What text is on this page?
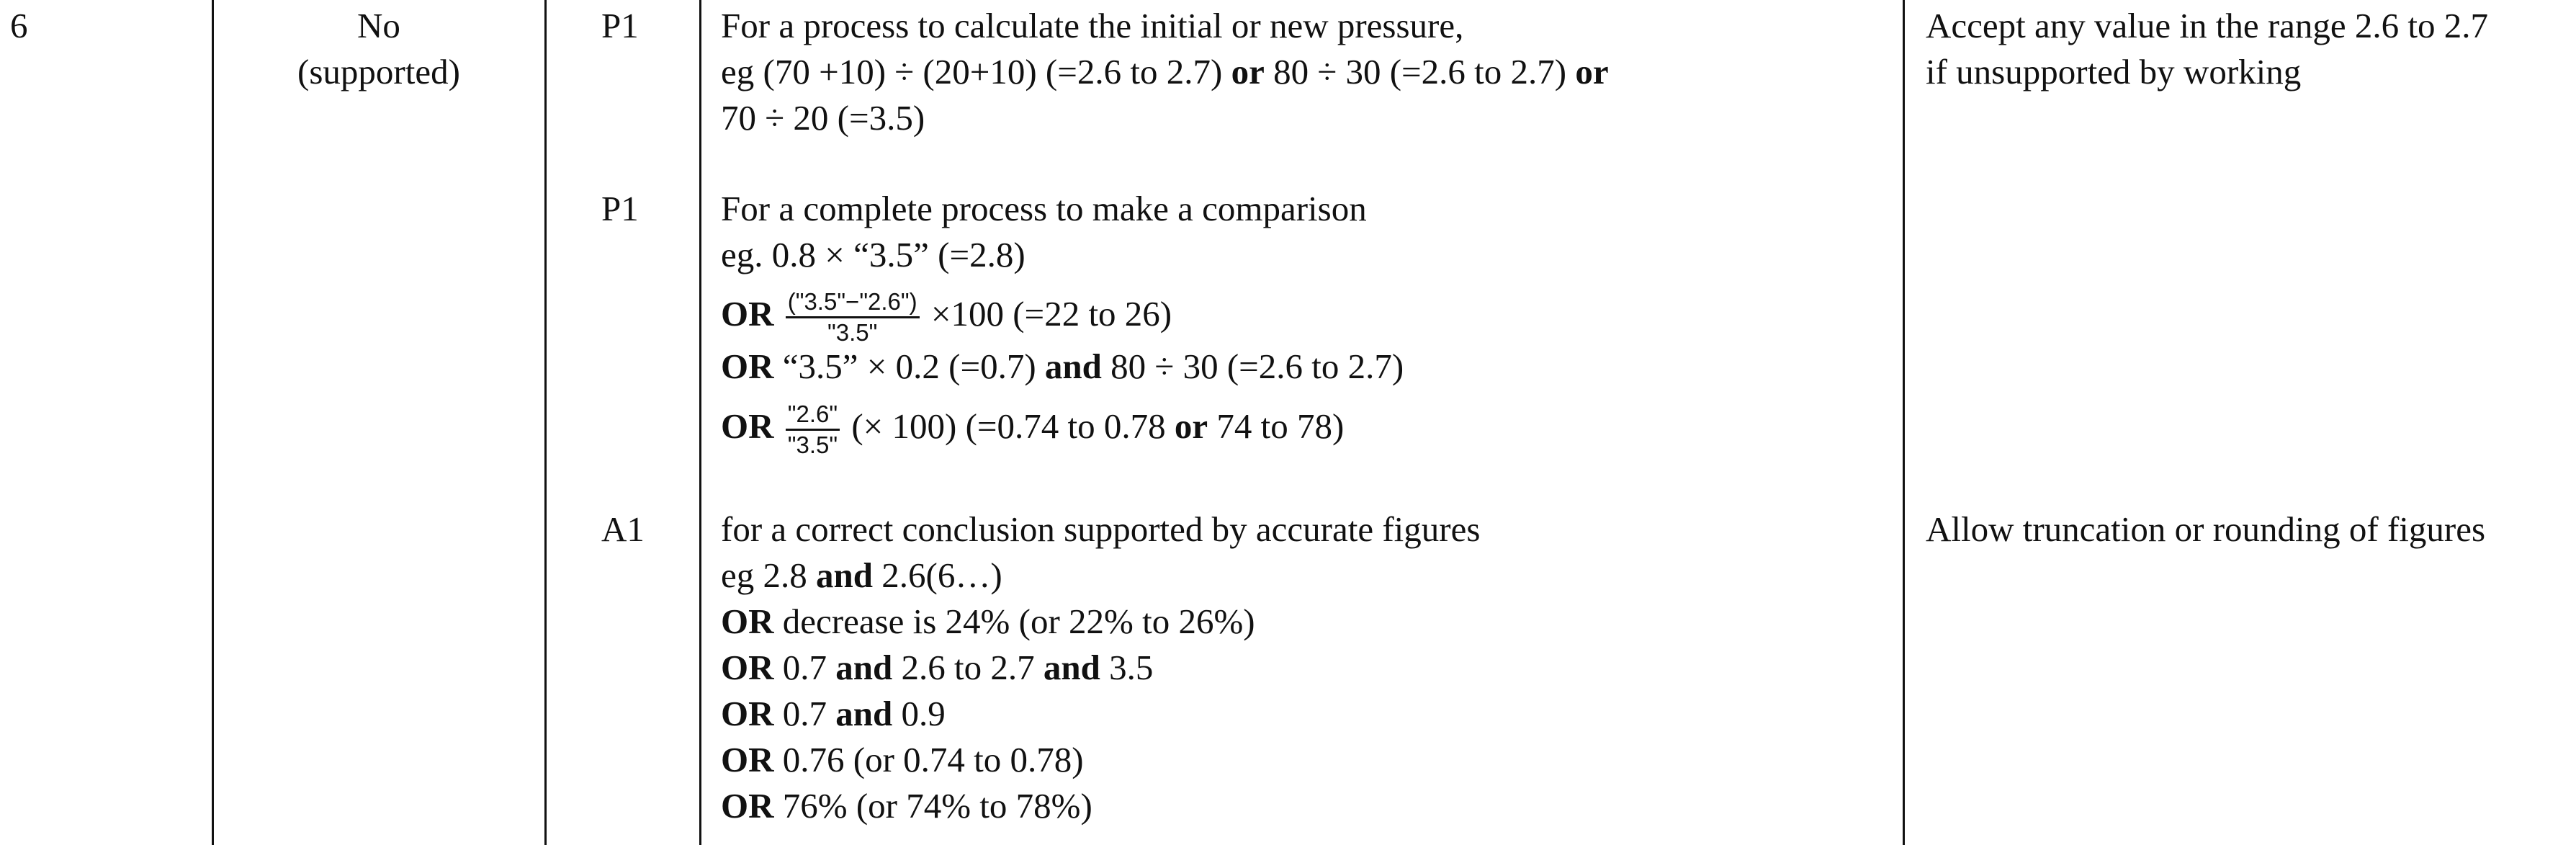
6	No
(supported)
P1 For a process to calculate the initial or new pressure,
eg (70 +10) ÷ (20+10) (=2.6 to 2.7) or 80 ÷ 30 (=2.6 to 2.7) or
70 ÷ 20 (=3.5)
Accept any value in the range 2.6 to 2.7
if unsupported by working
P1 For a complete process to make a comparison
eg. 0.8 × “3.5” (=2.8)
OR $\frac{("3.5"-"2.6")}{"3.5"} \times 100$ (=22 to 26)
OR “3.5” × 0.2 (=0.7) and 80 ÷ 30 (=2.6 to 2.7)
OR $\frac{"2.6"}{"3.5"}$ (× 100) (=0.74 to 0.78 or 74 to 78)
A1 for a correct conclusion supported by accurate figures
eg 2.8 and 2.6(6…)
OR decrease is 24% (or 22% to 26%)
OR 0.7 and 2.6 to 2.7 and 3.5
OR 0.7 and 0.9
OR 0.76 (or 0.74 to 0.78)
OR 76% (or 74% to 78%)
Allow truncation or rounding of figures
